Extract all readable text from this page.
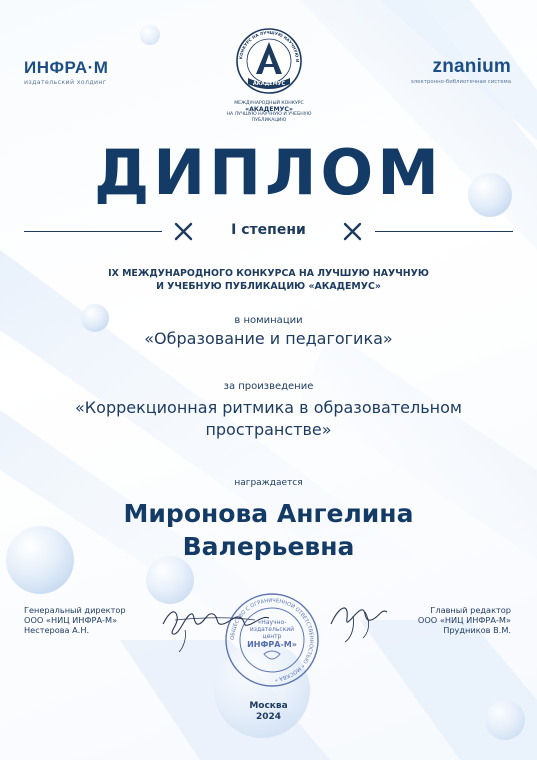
ИНФРА·М
издательский холдинг
znanium
электронно-библиотечная система
КОНКУРС НА ЛУЧШУЮ НАУЧНУЮ И
АКАДЕМУС
МЕЖДУНАРОДНЫЙ КОНКУРС
«АКАДЕМУС»
НА ЛУЧШУЮ НАУЧНУЮ И УЧЕБНУЮ ПУБЛИКАЦИЮ
ДИПЛОМ
I степени
IX МЕЖДУНАРОДНОГО КОНКУРСА НА ЛУЧШУЮ НАУЧНУЮ
И УЧЕБНУЮ ПУБЛИКАЦИЮ «АКАДЕМУС»
в номинации
«Образование и педагогика»
за произведение
«Коррекционная ритмика в образовательном
пространстве»
награждается
Миронова Ангелина
Валерьевна
Генеральный директор
ООО «НИЦ ИНФРА-М»
Нестерова А.Н.
ОБЩЕСТВО С ОГРАНИЧЕННОЙ ОТВЕТСТВЕННОСТЬЮ * МОСКВА *
«Научно-
издательский
центр
ИНФРА-М»
Главный редактор
ООО «НИЦ ИНФРА-М»
Прудников В.М.
Москва
2024
